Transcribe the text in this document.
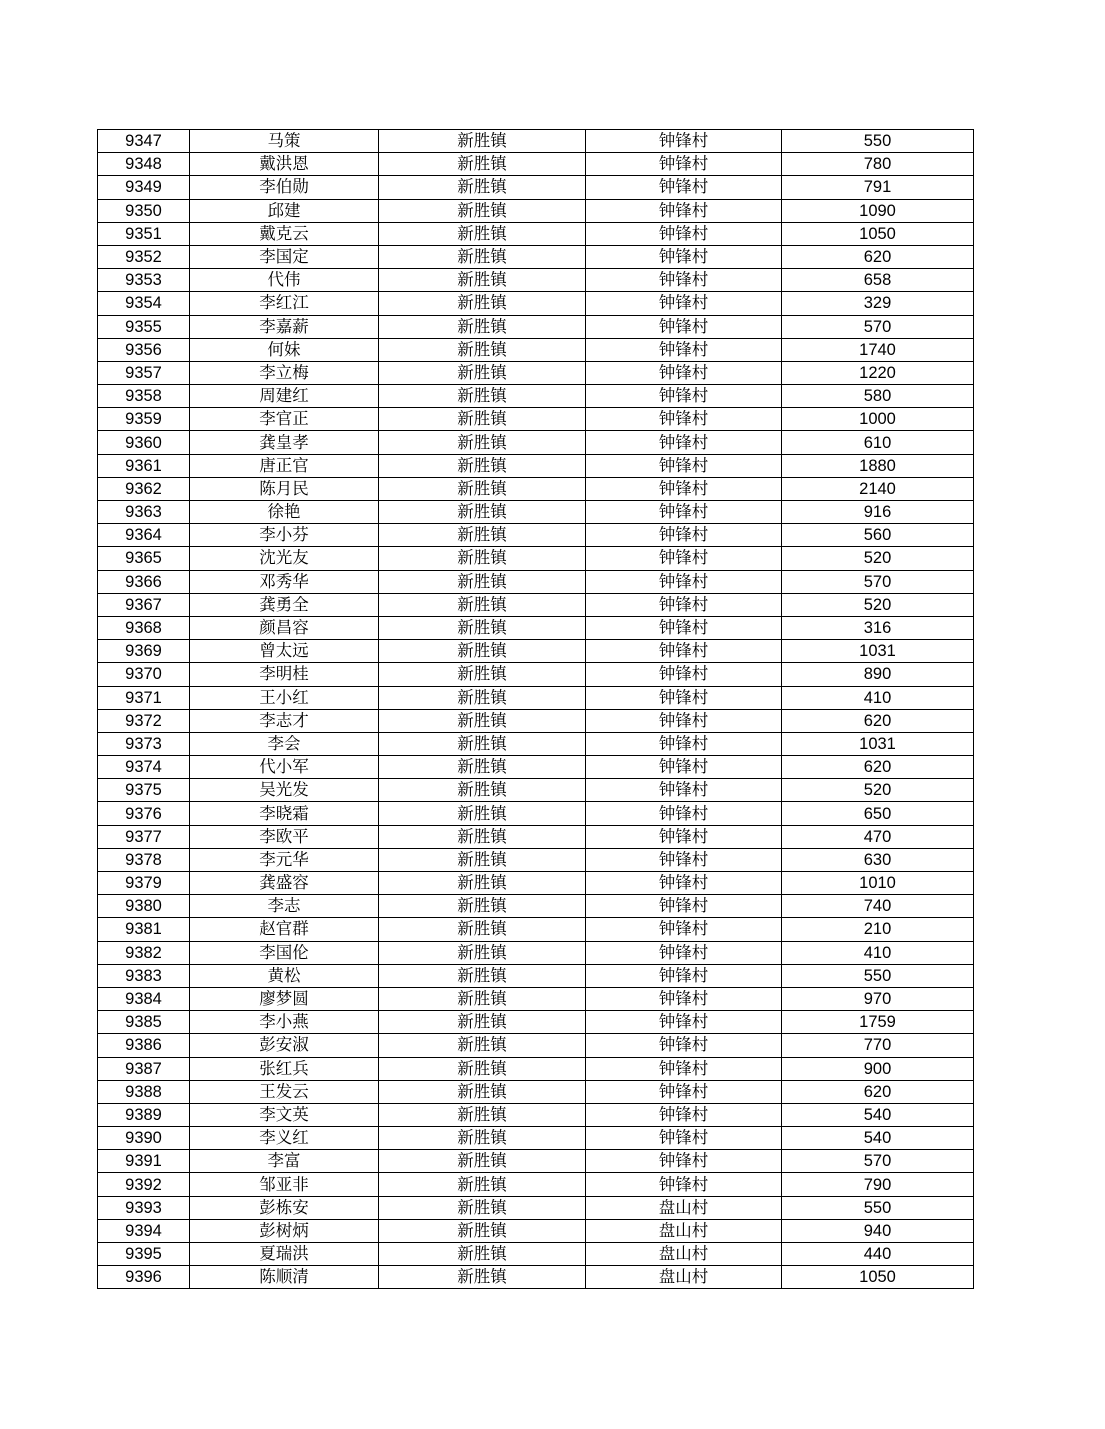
9347	马策	新胜镇	钟锋村	550
9348	戴洪恩	新胜镇	钟锋村	780
9349	李伯勋	新胜镇	钟锋村	791
9350	邱建	新胜镇	钟锋村	1090
9351	戴克云	新胜镇	钟锋村	1050
9352	李国定	新胜镇	钟锋村	620
9353	代伟	新胜镇	钟锋村	658
9354	李红江	新胜镇	钟锋村	329
9355	李嘉薪	新胜镇	钟锋村	570
9356	何妹	新胜镇	钟锋村	1740
9357	李立梅	新胜镇	钟锋村	1220
9358	周建红	新胜镇	钟锋村	580
9359	李官正	新胜镇	钟锋村	1000
9360	龚皇孝	新胜镇	钟锋村	610
9361	唐正官	新胜镇	钟锋村	1880
9362	陈月民	新胜镇	钟锋村	2140
9363	徐艳	新胜镇	钟锋村	916
9364	李小芬	新胜镇	钟锋村	560
9365	沈光友	新胜镇	钟锋村	520
9366	邓秀华	新胜镇	钟锋村	570
9367	龚勇全	新胜镇	钟锋村	520
9368	颜昌容	新胜镇	钟锋村	316
9369	曾太远	新胜镇	钟锋村	1031
9370	李明桂	新胜镇	钟锋村	890
9371	王小红	新胜镇	钟锋村	410
9372	李志才	新胜镇	钟锋村	620
9373	李会	新胜镇	钟锋村	1031
9374	代小军	新胜镇	钟锋村	620
9375	吴光发	新胜镇	钟锋村	520
9376	李晓霜	新胜镇	钟锋村	650
9377	李欧平	新胜镇	钟锋村	470
9378	李元华	新胜镇	钟锋村	630
9379	龚盛容	新胜镇	钟锋村	1010
9380	李志	新胜镇	钟锋村	740
9381	赵官群	新胜镇	钟锋村	210
9382	李国伦	新胜镇	钟锋村	410
9383	黄松	新胜镇	钟锋村	550
9384	廖梦圆	新胜镇	钟锋村	970
9385	李小燕	新胜镇	钟锋村	1759
9386	彭安淑	新胜镇	钟锋村	770
9387	张红兵	新胜镇	钟锋村	900
9388	王发云	新胜镇	钟锋村	620
9389	李文英	新胜镇	钟锋村	540
9390	李义红	新胜镇	钟锋村	540
9391	李富	新胜镇	钟锋村	570
9392	邹亚非	新胜镇	钟锋村	790
9393	彭栋安	新胜镇	盘山村	550
9394	彭树炳	新胜镇	盘山村	940
9395	夏瑞洪	新胜镇	盘山村	440
9396	陈顺清	新胜镇	盘山村	1050
